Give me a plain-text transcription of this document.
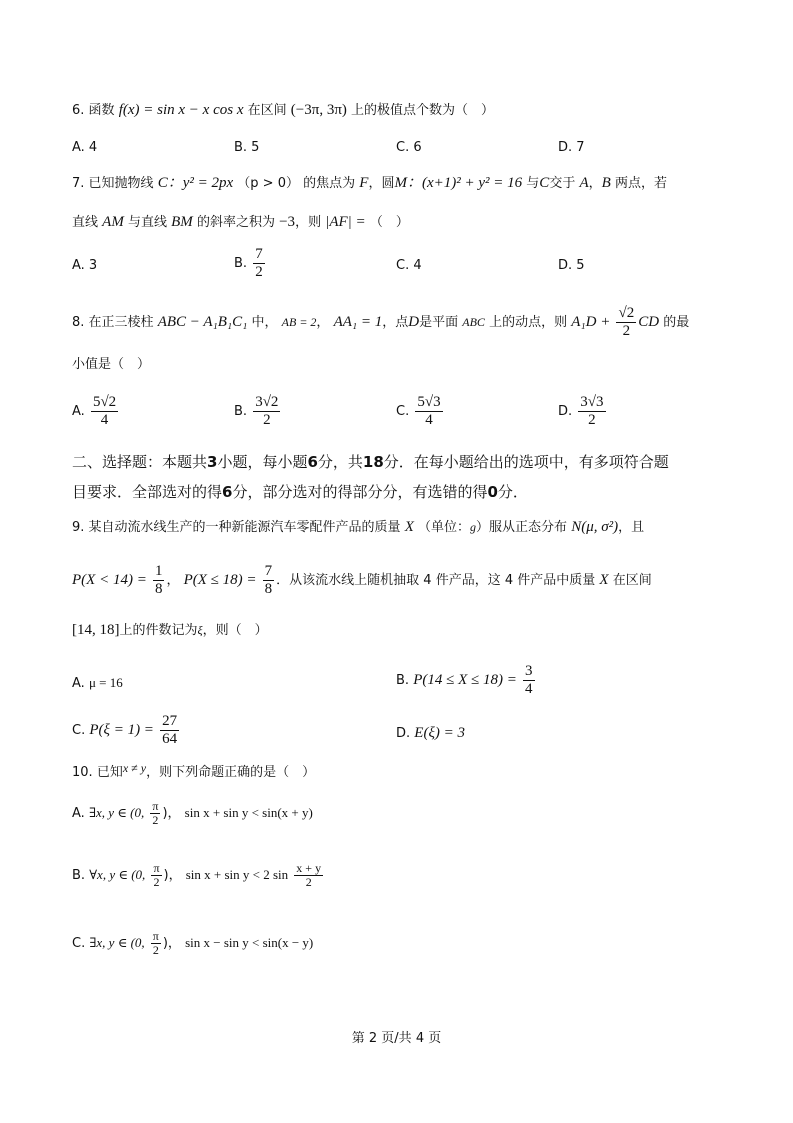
6. 函数 f(x) = sin x − x cos x 在区间 (−3π, 3π) 上的极值点个数为（　）
A. 4	B. 5	C. 6	D. 7
7. 已知抛物线 C：y² = 2px （p > 0） 的焦点为 F，圆M：(x+1)² + y² = 16 与C交于 A，B 两点，若
直线 AM 与直线 BM 的斜率之积为 −3，则 |AF| = （　）
A. 3	B. $\frac{7}{2}$	C. 4	D. 5
8. 在正三棱柱 ABC − A₁B₁C₁ 中， AB = 2， AA₁ = 1，点D是平面 ABC 上的动点，则 $A_1D + \frac{√2}{2}$ CD 的最
小值是（　）
A. $\frac{5√2}{4}$	B. $\frac{3√2}{2}$	C. $\frac{5√3}{4}$	D. $\frac{3√3}{2}$
二、选择题：本题共3小题，每小题6分，共18分．在每小题给出的选项中，有多项符合题
目要求．全部选对的得6分，部分选对的得部分分，有选错的得0分．
9. 某自动流水线生产的一种新能源汽车零配件产品的质量 X （单位：g）服从正态分布 N(μ, σ²)，且
$P(X < 14) = \frac{1}{8}$ ， $P(X \le 18) = \frac{7}{8}$ ．从该流水线上随机抽取 4 件产品，这 4 件产品中质量 X 在区间
[14, 18]上的件数记为ξ，则（　）
A. μ = 16	B. $P(14 \le X \le 18) = \frac{3}{4}$
C. $P(\xi = 1) = \frac{27}{64}$	D. E(ξ) = 3
10. 已知x ≠ y，则下列命题正确的是（　）
A. ∃x, y ∈ (0, $\frac{\pi}{2}$ )， sin x + sin y < sin(x + y)
B. ∀x, y ∈ (0, $\frac{\pi}{2}$ )， sin x + sin y < 2 $\sin \frac{x + y}{2}$
C. ∃x, y ∈ (0, $\frac{\pi}{2}$ )， sin x − sin y < sin(x − y)
第 2 页/共 4 页
